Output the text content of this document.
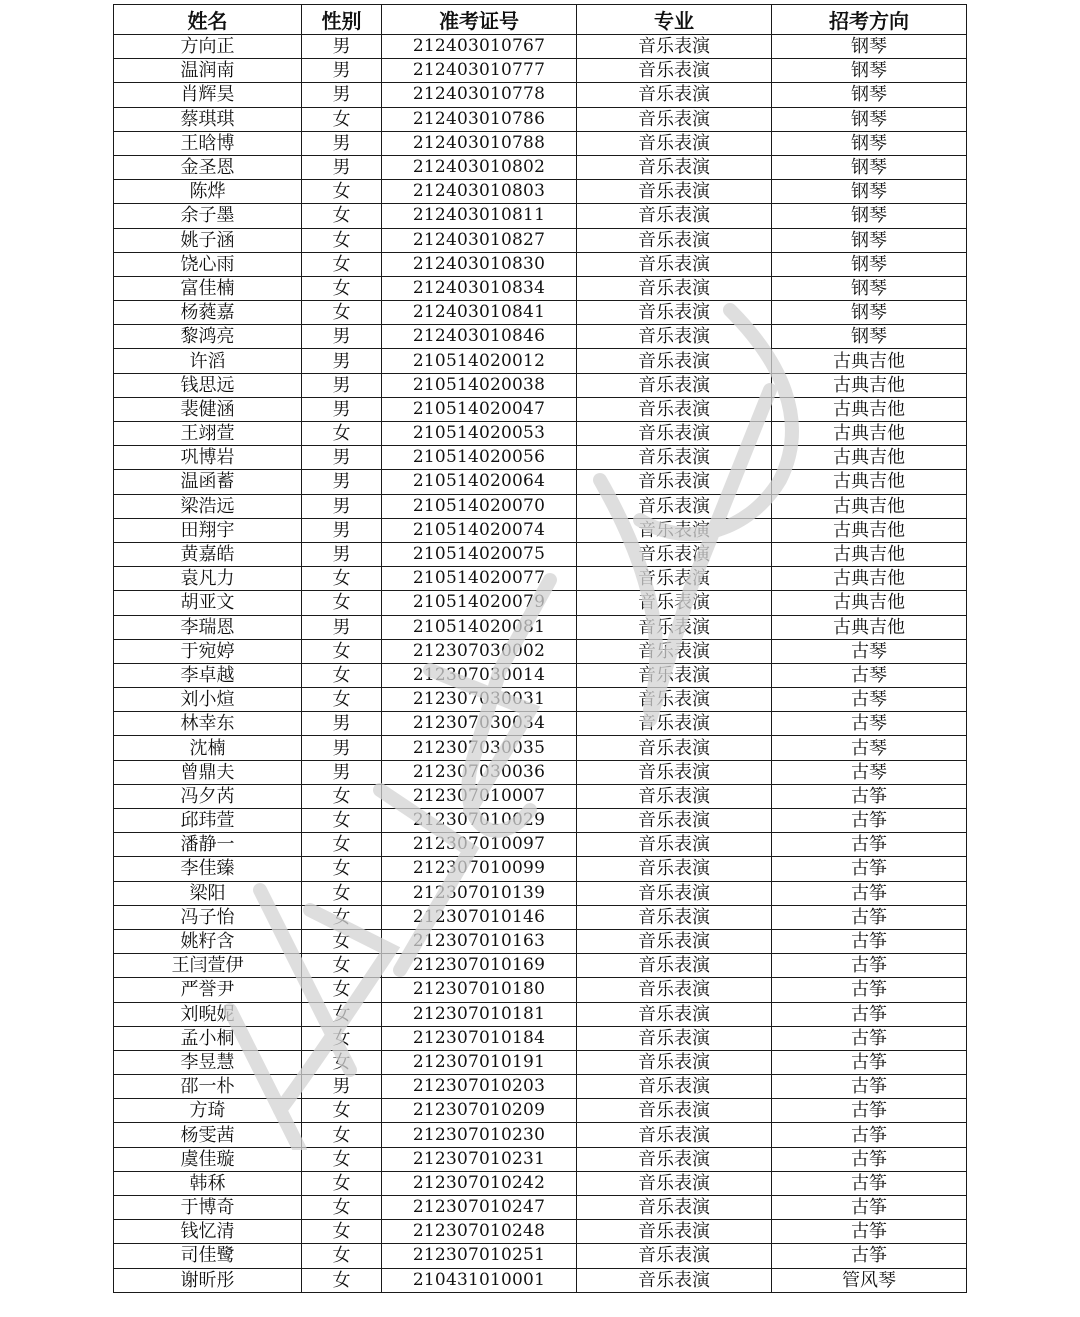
姓名	性别	准考证号	专业	招考方向
方向正	男	212403010767	音乐表演	钢琴
温润南	男	212403010777	音乐表演	钢琴
肖辉昊	男	212403010778	音乐表演	钢琴
蔡琪琪	女	212403010786	音乐表演	钢琴
王晗博	男	212403010788	音乐表演	钢琴
金圣恩	男	212403010802	音乐表演	钢琴
陈烨	女	212403010803	音乐表演	钢琴
余子墨	女	212403010811	音乐表演	钢琴
姚子涵	女	212403010827	音乐表演	钢琴
饶心雨	女	212403010830	音乐表演	钢琴
富佳楠	女	212403010834	音乐表演	钢琴
杨蕤嘉	女	212403010841	音乐表演	钢琴
黎鸿亮	男	212403010846	音乐表演	钢琴
许滔	男	210514020012	音乐表演	古典吉他
钱思远	男	210514020038	音乐表演	古典吉他
裴健涵	男	210514020047	音乐表演	古典吉他
王翊萱	女	210514020053	音乐表演	古典吉他
巩博岩	男	210514020056	音乐表演	古典吉他
温函蓄	男	210514020064	音乐表演	古典吉他
梁浩远	男	210514020070	音乐表演	古典吉他
田翔宇	男	210514020074	音乐表演	古典吉他
黄嘉皓	男	210514020075	音乐表演	古典吉他
袁凡力	女	210514020077	音乐表演	古典吉他
胡亚文	女	210514020079	音乐表演	古典吉他
李瑞恩	男	210514020081	音乐表演	古典吉他
于宛婷	女	212307030002	音乐表演	古琴
李卓越	女	212307030014	音乐表演	古琴
刘小煊	女	212307030031	音乐表演	古琴
林幸东	男	212307030034	音乐表演	古琴
沈楠	男	212307030035	音乐表演	古琴
曾鼎夫	男	212307030036	音乐表演	古琴
冯夕芮	女	212307010007	音乐表演	古筝
邱玮萱	女	212307010029	音乐表演	古筝
潘静一	女	212307010097	音乐表演	古筝
李佳臻	女	212307010099	音乐表演	古筝
梁阳	女	212307010139	音乐表演	古筝
冯子怡	女	212307010146	音乐表演	古筝
姚籽含	女	212307010163	音乐表演	古筝
王闫萱伊	女	212307010169	音乐表演	古筝
严誉尹	女	212307010180	音乐表演	古筝
刘晲妮	女	212307010181	音乐表演	古筝
孟小桐	女	212307010184	音乐表演	古筝
李昱慧	女	212307010191	音乐表演	古筝
邵一朴	男	212307010203	音乐表演	古筝
方琦	女	212307010209	音乐表演	古筝
杨雯茜	女	212307010230	音乐表演	古筝
虞佳璇	女	212307010231	音乐表演	古筝
韩秝	女	212307010242	音乐表演	古筝
于博奇	女	212307010247	音乐表演	古筝
钱忆清	女	212307010248	音乐表演	古筝
司佳鹭	女	212307010251	音乐表演	古筝
谢昕彤	女	210431010001	音乐表演	管风琴
